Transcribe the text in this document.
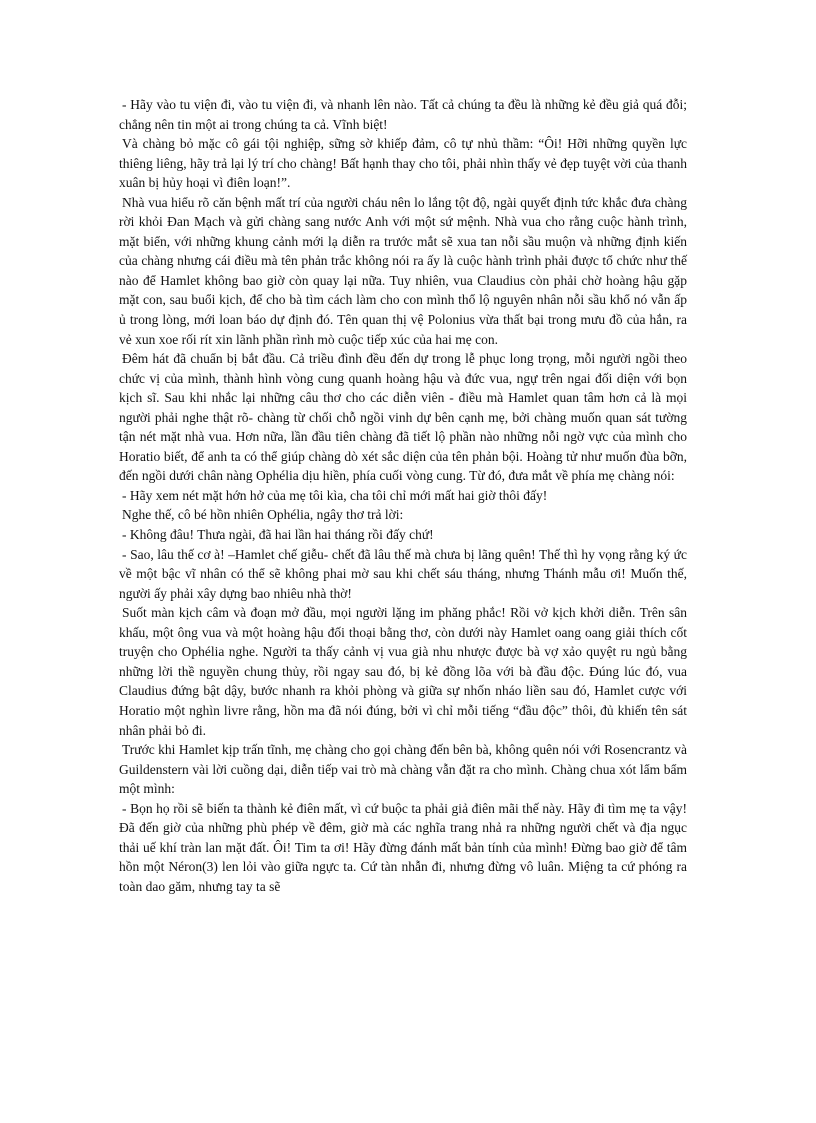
- Hãy vào tu viện đi, vào tu viện đi, và nhanh lên nào. Tất cả chúng ta đều là những kẻ đều giả quá đỗi; chẳng nên tin một ai trong chúng ta cả. Vĩnh biệt!

Và chàng bỏ mặc cô gái tội nghiệp, sững sờ khiếp đảm, cô tự nhủ thầm: “Ôi! Hỡi những quyền lực thiêng liêng, hãy trả lại lý trí cho chàng! Bất hạnh thay cho tôi, phải nhìn thấy vẻ đẹp tuyệt vời của thanh xuân bị hủy hoại vì điên loạn!”.

Nhà vua hiểu rõ căn bệnh mất trí của người cháu nên lo lắng tột độ, ngài quyết định tức khắc đưa chàng rời khỏi Đan Mạch và gửi chàng sang nước Anh với một sứ mệnh. Nhà vua cho rằng cuộc hành trình, mặt biển, với những khung cảnh mới lạ diễn ra trước mắt sẽ xua tan nỗi sầu muộn và những định kiến của chàng nhưng cái điều mà tên phản trắc không nói ra ấy là cuộc hành trình phải được tổ chức như thế nào để Hamlet không bao giờ còn quay lại nữa. Tuy nhiên, vua Claudius còn phải chờ hoàng hậu gặp mặt con, sau buổi kịch, để cho bà tìm cách làm cho con mình thổ lộ nguyên nhân nỗi sầu khổ nó vẫn ấp ủ trong lòng, mới loan báo dự định đó. Tên quan thị vệ Polonius vừa thất bại trong mưu đồ của hắn, ra vẻ xun xoe rối rít xin lãnh phần rình mò cuộc tiếp xúc của hai mẹ con.

Đêm hát đã chuẩn bị bắt đầu. Cả triều đình đều đến dự trong lễ phục long trọng, mỗi người ngồi theo chức vị của mình, thành hình vòng cung quanh hoàng hậu và đức vua, ngự trên ngai đối diện với bọn kịch sĩ. Sau khi nhắc lại những câu thơ cho các diễn viên - điều mà Hamlet quan tâm hơn cả là mọi người phải nghe thật rõ- chàng từ chối chỗ ngồi vinh dự bên cạnh mẹ, bởi chàng muốn quan sát tường tận nét mặt nhà vua. Hơn nữa, lần đầu tiên chàng đã tiết lộ phần nào những nỗi ngờ vực của mình cho Horatio biết, để anh ta có thể giúp chàng dò xét sắc diện của tên phản bội. Hoàng tử như muốn đùa bỡn, đến ngồi dưới chân nàng Ophélia dịu hiền, phía cuối vòng cung. Từ đó, đưa mắt về phía mẹ chàng nói:

- Hãy xem nét mặt hớn hở của mẹ tôi kìa, cha tôi chỉ mới mất hai giờ thôi đấy!

Nghe thế, cô bé hồn nhiên Ophélia, ngây thơ trả lời:

- Không đâu! Thưa ngài, đã hai lần hai tháng rồi đấy chứ!

- Sao, lâu thế cơ à! –Hamlet chế giễu- chết đã lâu thế mà chưa bị lãng quên! Thế thì hy vọng rằng ký ức về một bậc vĩ nhân có thể sẽ không phai mờ sau khi chết sáu tháng, nhưng Thánh mẫu ơi! Muốn thế, người ấy phải xây dựng bao nhiêu nhà thờ!

Suốt màn kịch câm và đoạn mở đầu, mọi người lặng im phăng phắc! Rồi vở kịch khởi diễn. Trên sân khấu, một ông vua và một hoàng hậu đối thoại bằng thơ, còn dưới này Hamlet oang oang giải thích cốt truyện cho Ophélia nghe. Người ta thấy cảnh vị vua già nhu nhược được bà vợ xảo quyệt ru ngủ bằng những lời thề nguyền chung thủy, rồi ngay sau đó, bị kẻ đồng lõa với bà đầu độc. Đúng lúc đó, vua Claudius đứng bật dậy, bước nhanh ra khỏi phòng và giữa sự nhốn nháo liền sau đó, Hamlet cược với Horatio một nghìn livre rằng, hồn ma đã nói đúng, bởi vì chỉ mỗi tiếng “đầu độc” thôi, đủ khiến tên sát nhân phải bỏ đi.

Trước khi Hamlet kịp trấn tĩnh, mẹ chàng cho gọi chàng đến bên bà, không quên nói với Rosencrantz và Guildenstern vài lời cuồng dại, diễn tiếp vai trò mà chàng vẫn đặt ra cho mình. Chàng chua xót lẩm bẩm một mình:

- Bọn họ rồi sẽ biến ta thành kẻ điên mất, vì cứ buộc ta phải giả điên mãi thế này. Hãy đi tìm mẹ ta vậy! Đã đến giờ của những phù phép về đêm, giờ mà các nghĩa trang nhả ra những người chết và địa ngục thải uế khí tràn lan mặt đất. Ôi! Tim ta ơi! Hãy đừng đánh mất bản tính của mình! Đừng bao giờ để tâm hồn một Néron(3) len lỏi vào giữa ngực ta. Cứ tàn nhẫn đi, nhưng đừng vô luân. Miệng ta cứ phóng ra toàn dao găm, nhưng tay ta sẽ
